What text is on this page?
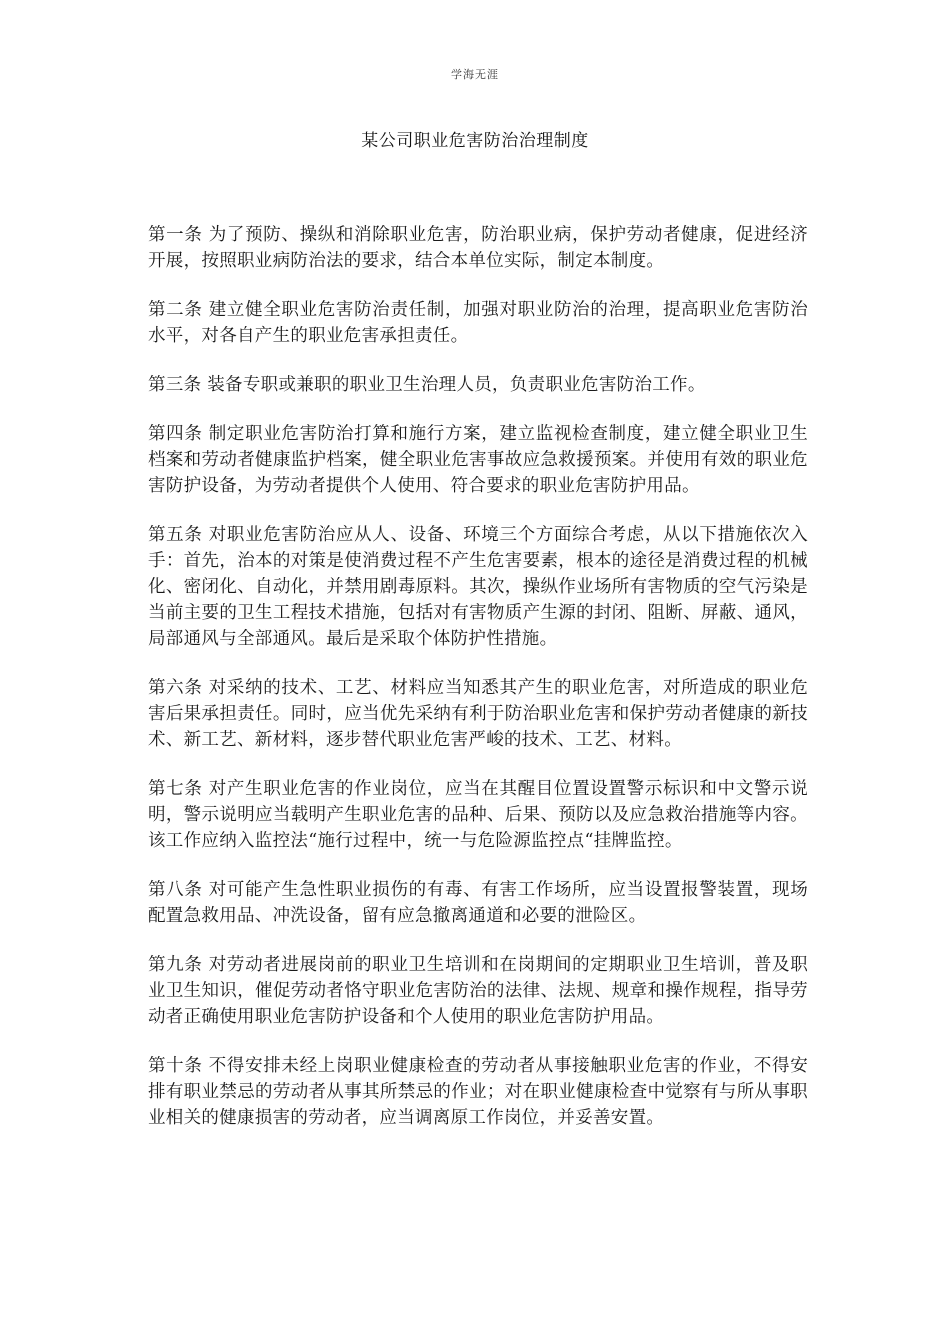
学海无涯
某公司职业危害防治治理制度

第一条 为了预防、操纵和消除职业危害，防治职业病，保护劳动者健康，促进经济开展，按照职业病防治法的要求，结合本单位实际，制定本制度。

第二条 建立健全职业危害防治责任制，加强对职业防治的治理，提高职业危害防治水平，对各自产生的职业危害承担责任。

第三条 装备专职或兼职的职业卫生治理人员，负责职业危害防治工作。

第四条 制定职业危害防治打算和施行方案，建立监视检查制度，建立健全职业卫生档案和劳动者健康监护档案，健全职业危害事故应急救援预案。并使用有效的职业危害防护设备，为劳动者提供个人使用、符合要求的职业危害防护用品。

第五条 对职业危害防治应从人、设备、环境三个方面综合考虑，从以下措施依次入手：首先，治本的对策是使消费过程不产生危害要素，根本的途径是消费过程的机械化、密闭化、自动化，并禁用剧毒原料。其次，操纵作业场所有害物质的空气污染是当前主要的卫生工程技术措施，包括对有害物质产生源的封闭、阻断、屏蔽、通风，局部通风与全部通风。最后是采取个体防护性措施。

第六条 对采纳的技术、工艺、材料应当知悉其产生的职业危害，对所造成的职业危害后果承担责任。同时，应当优先采纳有利于防治职业危害和保护劳动者健康的新技术、新工艺、新材料，逐步替代职业危害严峻的技术、工艺、材料。

第七条 对产生职业危害的作业岗位，应当在其醒目位置设置警示标识和中文警示说明，警示说明应当载明产生职业危害的品种、后果、预防以及应急救治措施等内容。该工作应纳入监控法“施行过程中，统一与危险源监控点“挂牌监控。

第八条 对可能产生急性职业损伤的有毒、有害工作场所，应当设置报警装置，现场配置急救用品、冲洗设备，留有应急撤离通道和必要的泄险区。

第九条 对劳动者进展岗前的职业卫生培训和在岗期间的定期职业卫生培训，普及职业卫生知识，催促劳动者恪守职业危害防治的法律、法规、规章和操作规程，指导劳动者正确使用职业危害防护设备和个人使用的职业危害防护用品。

第十条 不得安排未经上岗职业健康检查的劳动者从事接触职业危害的作业，不得安排有职业禁忌的劳动者从事其所禁忌的作业；对在职业健康检查中觉察有与所从事职业相关的健康损害的劳动者，应当调离原工作岗位，并妥善安置。
